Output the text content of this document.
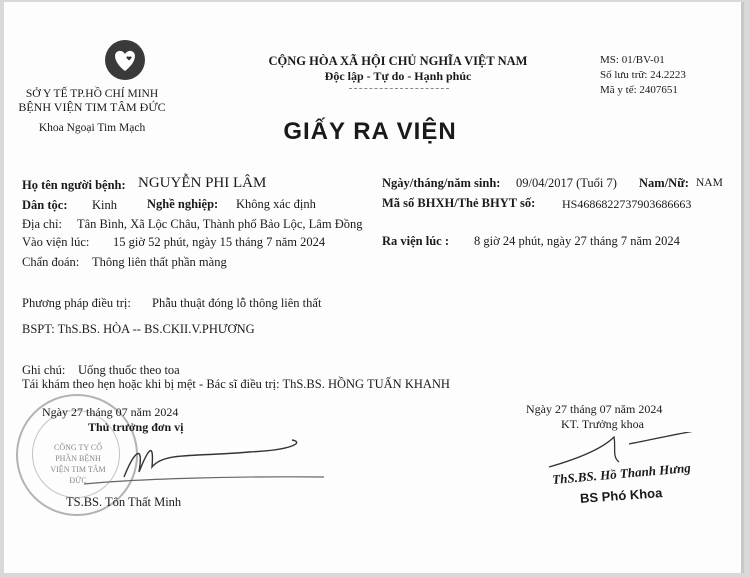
SỞ Y TẾ TP.HỒ CHÍ MINH
BỆNH VIỆN TIM TÂM ĐỨC
Khoa Ngoại Tim Mạch
CỘNG HÒA XÃ HỘI CHỦ NGHĨA VIỆT NAM
Độc lập - Tự do - Hạnh phúc
MS: 01/BV-01
Số lưu trữ: 24.2223
Mã y tế: 2407651
GIẤY RA VIỆN
Họ tên người bệnh: NGUYỄN PHI LÂM	Ngày/tháng/năm sinh: 09/04/2017 (Tuổi 7) Nam/Nữ: NAM
Dân tộc: Kinh Nghề nghiệp: Không xác định	Mã số BHXH/Thẻ BHYT số: HS4686822737903686663
Địa chỉ: Tân Bình, Xã Lộc Châu, Thành phố Bảo Lộc, Lâm Đồng
Vào viện lúc: 15 giờ 52 phút, ngày 15 tháng 7 năm 2024	Ra viện lúc : 8 giờ 24 phút, ngày 27 tháng 7 năm 2024
Chẩn đoán: Thông liên thất phần màng
Phương pháp điều trị: Phẫu thuật đóng lỗ thông liên thất
BSPT: ThS.BS. HÒA -- BS.CKII.V.PHƯƠNG
Ghi chú: Uống thuốc theo toa
Tái khám theo hẹn hoặc khi bị mệt - Bác sĩ điều trị: ThS.BS. HỒNG TUẤN KHANH
CÔNG TY CỔ PHẦN BỆNH VIỆN TIM TÂM ĐỨC
Ngày 27 tháng 07 năm 2024
Thủ trưởng đơn vị
TS.BS. Tôn Thất Minh
Ngày 27 tháng 07 năm 2024
KT. Trưởng khoa
ThS.BS. Hồ Thanh Hưng
BS Phó Khoa
